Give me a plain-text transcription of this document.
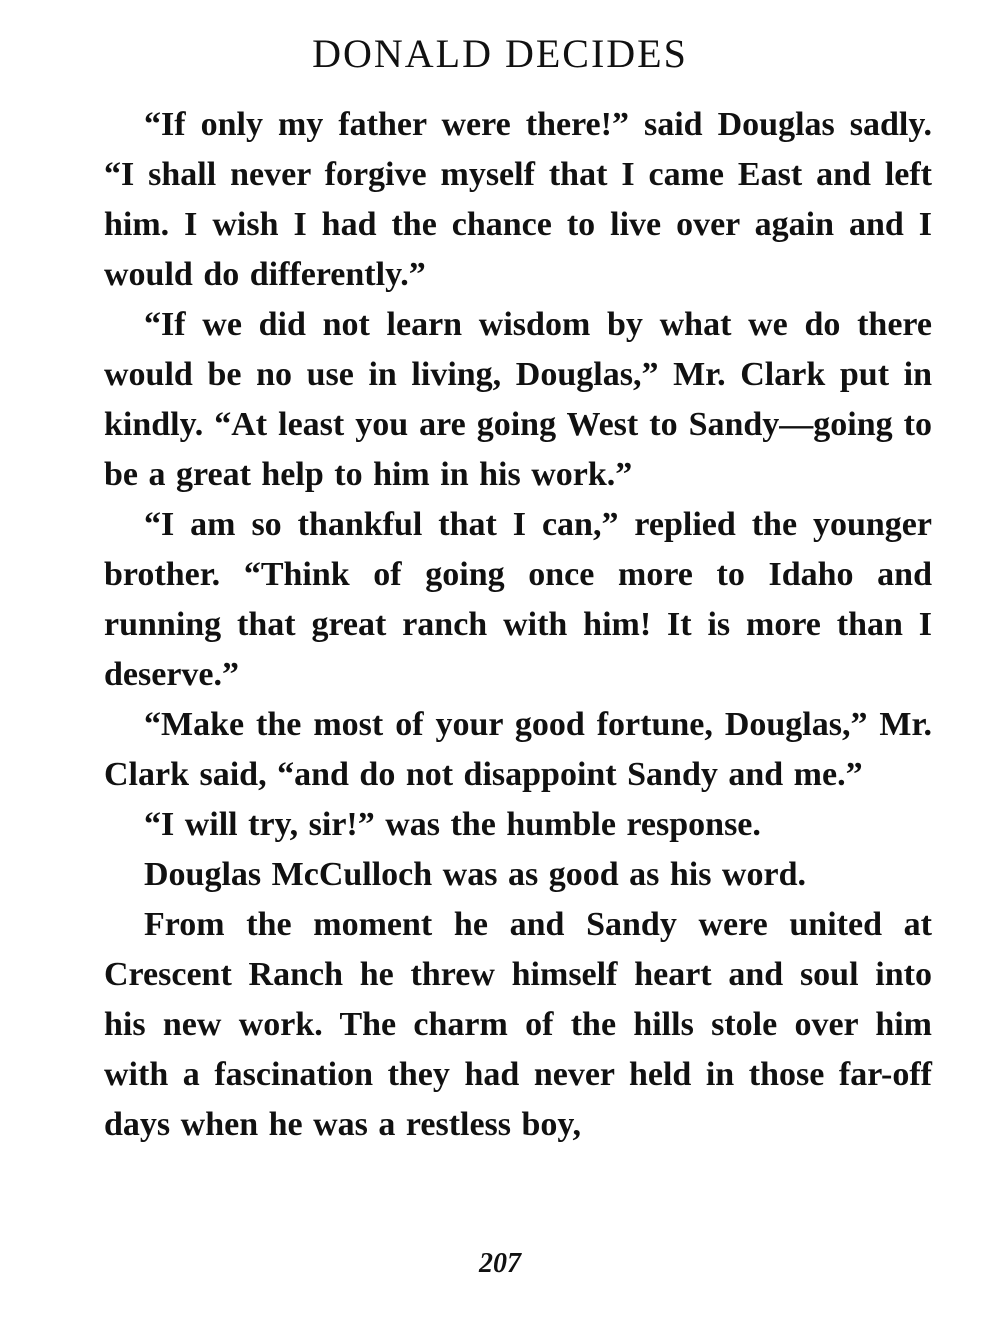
DONALD DECIDES

“If only my father were there!” said Douglas sadly. “I shall never forgive myself that I came East and left him. I wish I had the chance to live over again and I would do differently.”

“If we did not learn wisdom by what we do there would be no use in living, Douglas,” Mr. Clark put in kindly. “At least you are going West to Sandy—going to be a great help to him in his work.”

“I am so thankful that I can,” replied the younger brother. “Think of going once more to Idaho and running that great ranch with him! It is more than I deserve.”

“Make the most of your good fortune, Douglas,” Mr. Clark said, “and do not disappoint Sandy and me.”

“I will try, sir!” was the humble response.

Douglas McCulloch was as good as his word.

From the moment he and Sandy were united at Crescent Ranch he threw himself heart and soul into his new work. The charm of the hills stole over him with a fascination they had never held in those far-off days when he was a restless boy,

207
